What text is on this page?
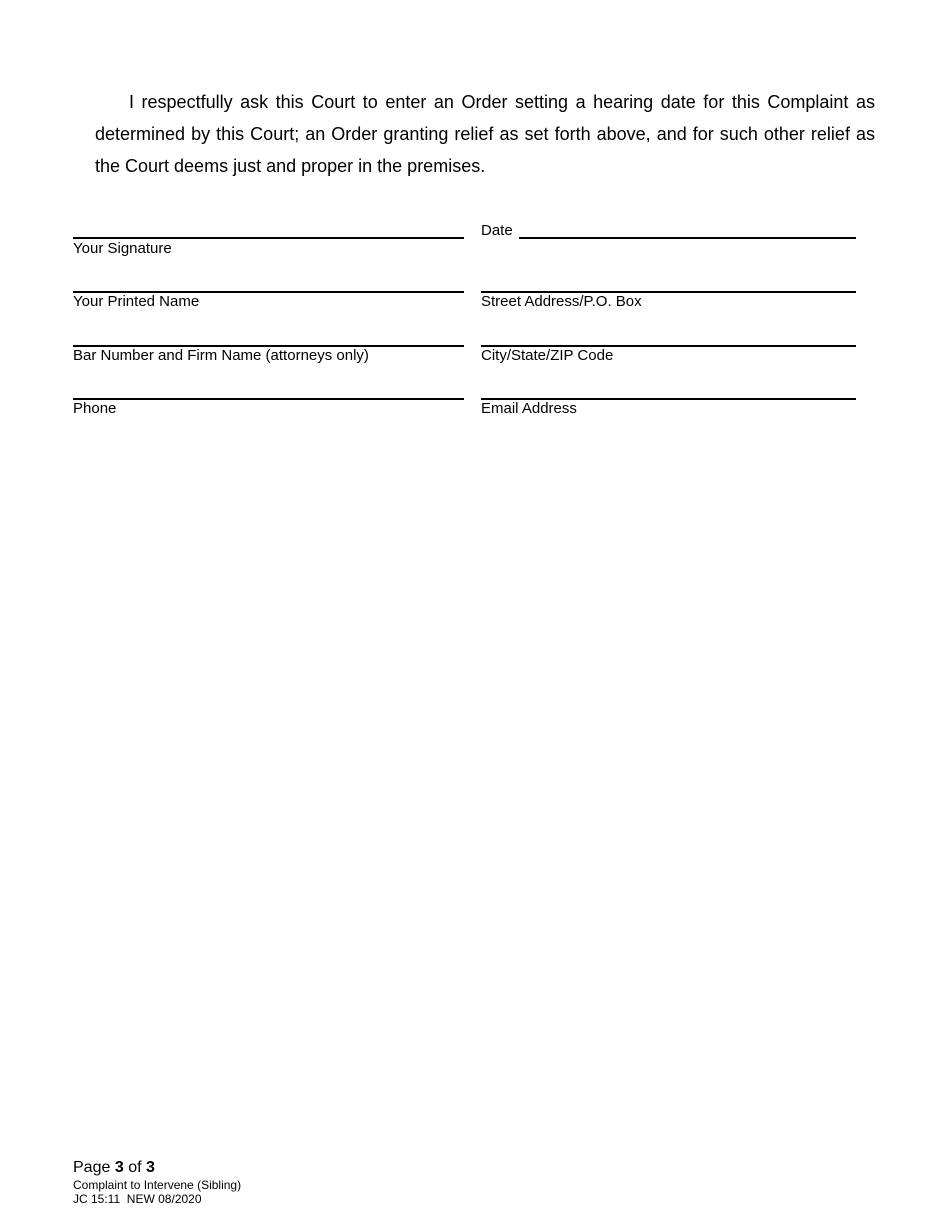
I respectfully ask this Court to enter an Order setting a hearing date for this Complaint as determined by this Court; an Order granting relief as set forth above, and for such other relief as the Court deems just and proper in the premises.

Your Signature
Your Printed Name
Bar Number and Firm Name (attorneys only)
Phone
Date
Street Address/P.O. Box
City/State/ZIP Code
Email Address
Page 3 of 3
Complaint to Intervene (Sibling)
JC 15:11  NEW 08/2020
